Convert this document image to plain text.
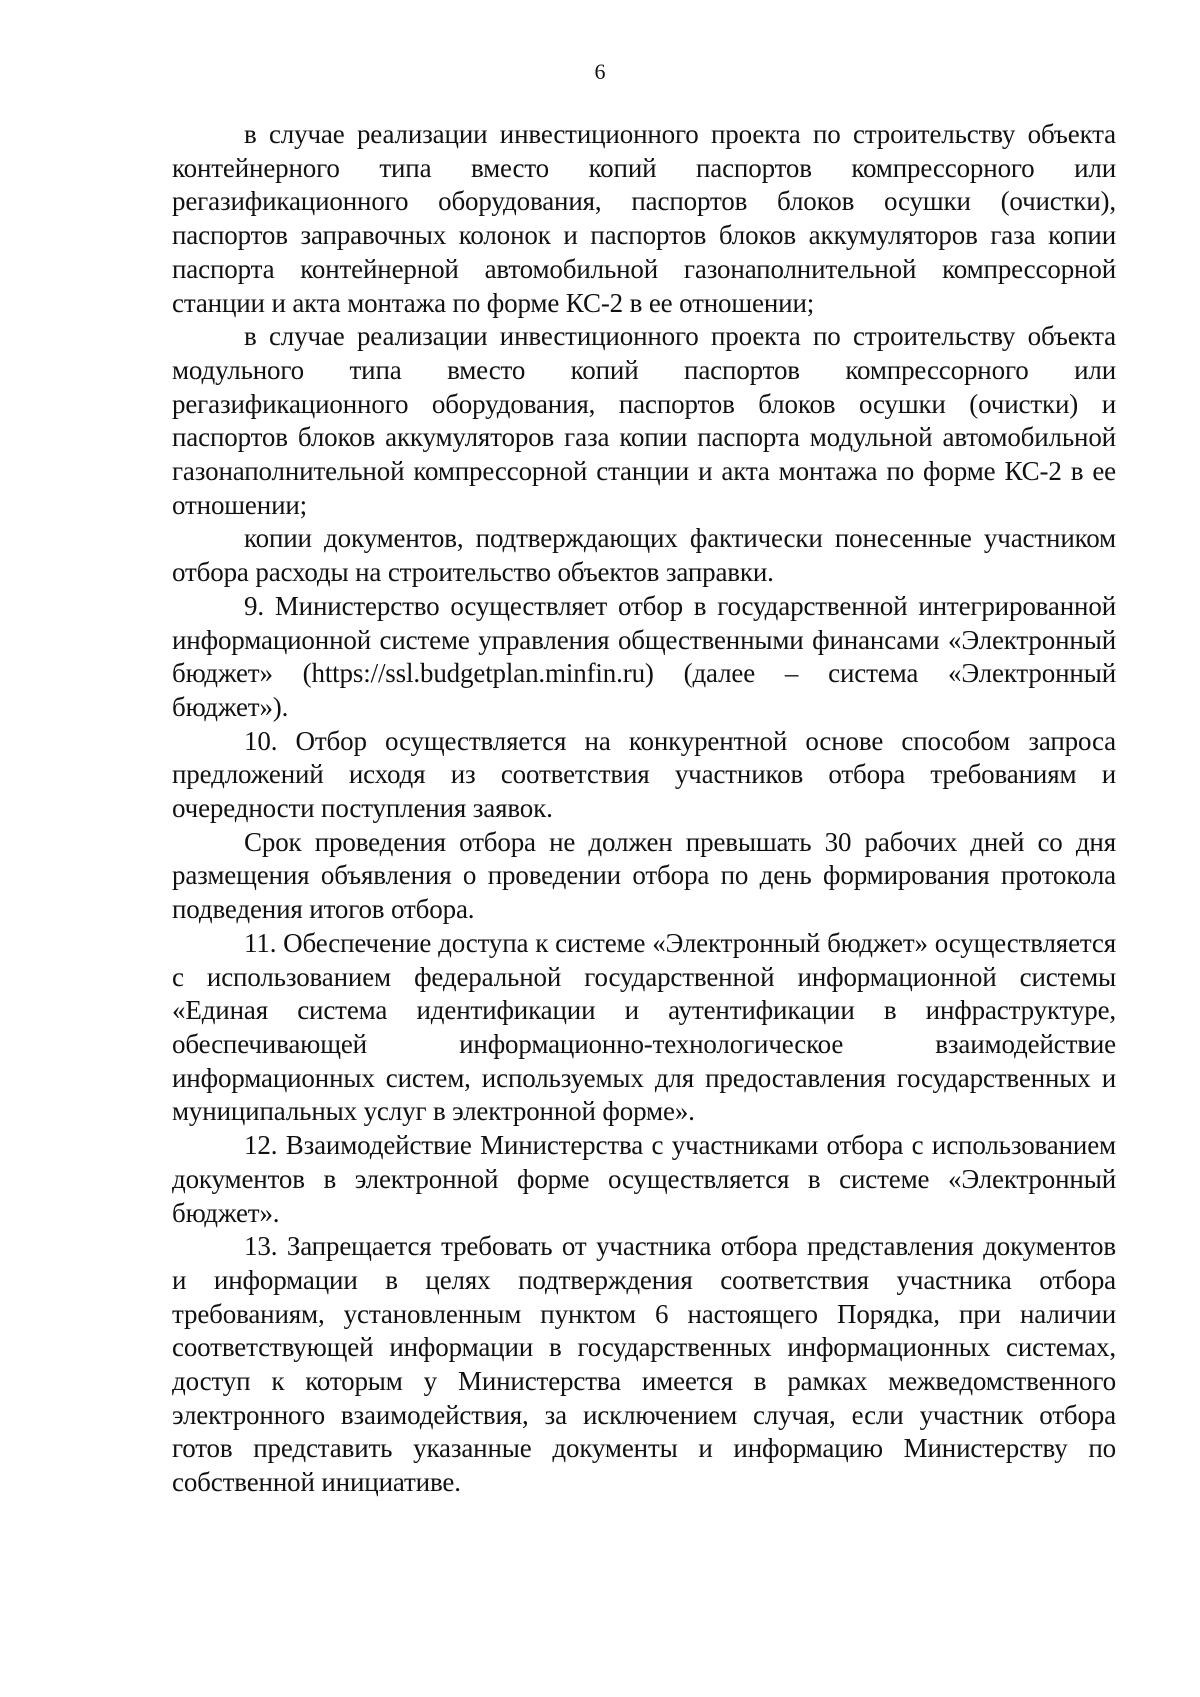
6

в случае реализации инвестиционного проекта по строительству объекта контейнерного типа вместо копий паспортов компрессорного или регазификационного оборудования, паспортов блоков осушки (очистки), паспортов заправочных колонок и паспортов блоков аккумуляторов газа копии паспорта контейнерной автомобильной газонаполнительной компрессорной станции и акта монтажа по форме КС-2 в ее отношении;

в случае реализации инвестиционного проекта по строительству объекта модульного типа вместо копий паспортов компрессорного или регазификационного оборудования, паспортов блоков осушки (очистки) и паспортов блоков аккумуляторов газа копии паспорта модульной автомобильной газонаполнительной компрессорной станции и акта монтажа по форме КС-2 в ее отношении;

копии документов, подтверждающих фактически понесенные участником отбора расходы на строительство объектов заправки.

9. Министерство осуществляет отбор в государственной интегрированной информационной системе управления общественными финансами «Электронный бюджет» (https://ssl.budgetplan.minfin.ru) (далее – система «Электронный бюджет»).

10. Отбор осуществляется на конкурентной основе способом запроса предложений исходя из соответствия участников отбора требованиям и очередности поступления заявок.

Срок проведения отбора не должен превышать 30 рабочих дней со дня размещения объявления о проведении отбора по день формирования протокола подведения итогов отбора.

11. Обеспечение доступа к системе «Электронный бюджет» осуществляется с использованием федеральной государственной информационной системы «Единая система идентификации и аутентификации в инфраструктуре, обеспечивающей информационно-технологическое взаимодействие информационных систем, используемых для предоставления государственных и муниципальных услуг в электронной форме».

12. Взаимодействие Министерства с участниками отбора с использованием документов в электронной форме осуществляется в системе «Электронный бюджет».

13. Запрещается требовать от участника отбора представления документов и информации в целях подтверждения соответствия участника отбора требованиям, установленным пунктом 6 настоящего Порядка, при наличии соответствующей информации в государственных информационных системах, доступ к которым у Министерства имеется в рамках межведомственного электронного взаимодействия, за исключением случая, если участник отбора готов представить указанные документы и информацию Министерству по собственной инициативе.
